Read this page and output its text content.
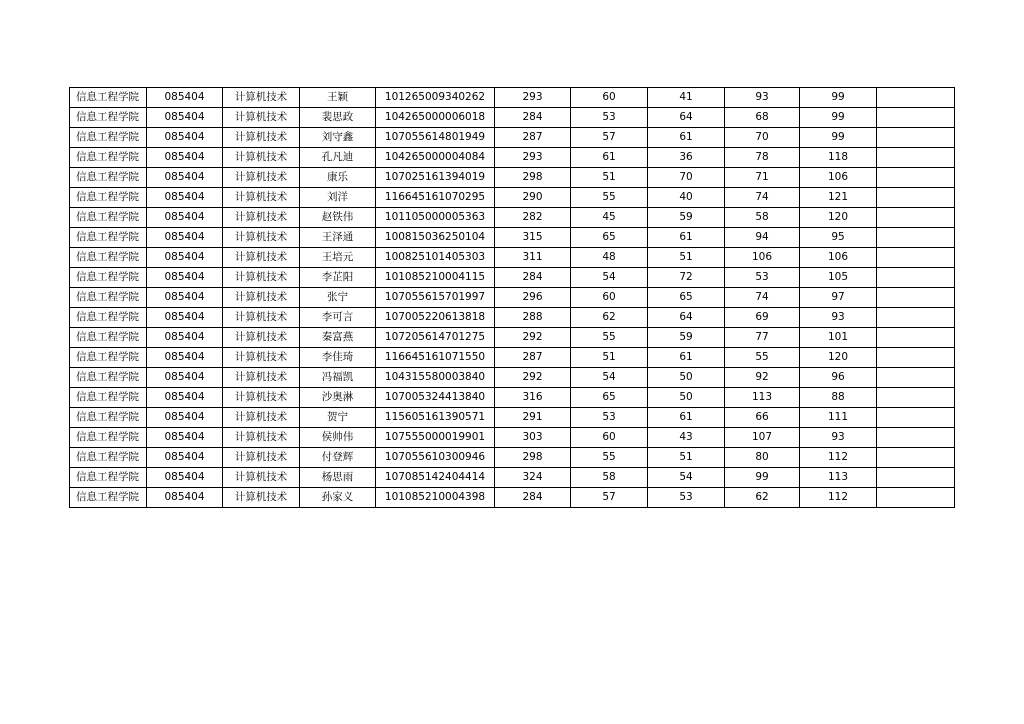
信息工程学院	085404	计算机技术	王颖	101265009340262	293	60	41	93	99	
信息工程学院	085404	计算机技术	裴思政	104265000006018	284	53	64	68	99	
信息工程学院	085404	计算机技术	刘守鑫	107055614801949	287	57	61	70	99	
信息工程学院	085404	计算机技术	孔凡迪	104265000004084	293	61	36	78	118	
信息工程学院	085404	计算机技术	康乐	107025161394019	298	51	70	71	106	
信息工程学院	085404	计算机技术	刘洋	116645161070295	290	55	40	74	121	
信息工程学院	085404	计算机技术	赵铁伟	101105000005363	282	45	59	58	120	
信息工程学院	085404	计算机技术	王泽通	100815036250104	315	65	61	94	95	
信息工程学院	085404	计算机技术	王培元	100825101405303	311	48	51	106	106	
信息工程学院	085404	计算机技术	李芷阳	101085210004115	284	54	72	53	105	
信息工程学院	085404	计算机技术	张宁	107055615701997	296	60	65	74	97	
信息工程学院	085404	计算机技术	李可言	107005220613818	288	62	64	69	93	
信息工程学院	085404	计算机技术	秦富燕	107205614701275	292	55	59	77	101	
信息工程学院	085404	计算机技术	李佳琦	116645161071550	287	51	61	55	120	
信息工程学院	085404	计算机技术	冯福凯	104315580003840	292	54	50	92	96	
信息工程学院	085404	计算机技术	沙奥淋	107005324413840	316	65	50	113	88	
信息工程学院	085404	计算机技术	贺宁	115605161390571	291	53	61	66	111	
信息工程学院	085404	计算机技术	侯帅伟	107555000019901	303	60	43	107	93	
信息工程学院	085404	计算机技术	付登辉	107055610300946	298	55	51	80	112	
信息工程学院	085404	计算机技术	杨思雨	107085142404414	324	58	54	99	113	
信息工程学院	085404	计算机技术	孙家义	101085210004398	284	57	53	62	112	
